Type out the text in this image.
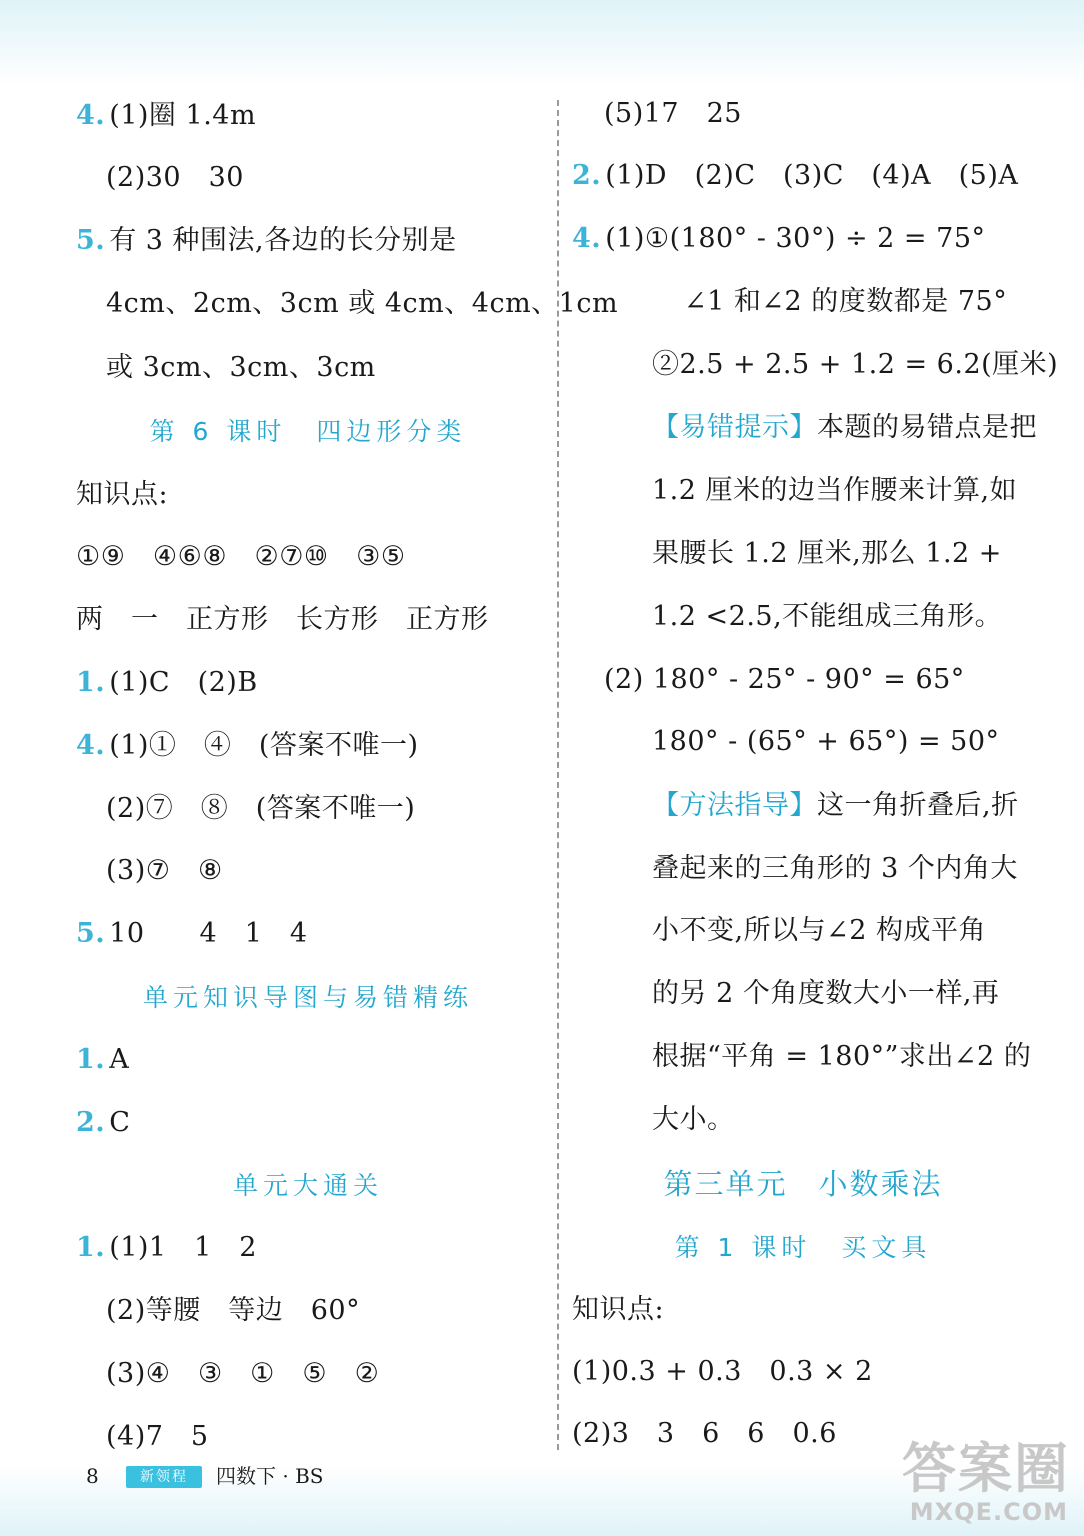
4. (1)圈 1.4m
(2)30　30
5. 有 3 种围法,各边的长分别是
4cm、2cm、3cm 或 4cm、4cm、1cm
或 3cm、3cm、3cm
第 6 课时　四边形分类
知识点:
①⑨　④⑥⑧　②⑦⑩　③⑤
两　一　正方形　长方形　正方形
1. (1)C　(2)B
4. (1)①　④　(答案不唯一)
(2)⑦　⑧　(答案不唯一)
(3)⑦　⑧
5. 10　　4　1　4
单元知识导图与易错精练
1. A
2. C
单元大通关
1. (1)1　1　2
(2)等腰　等边　60°
(3)④　③　①　⑤　②
(4)7　5
(5)17　25
2. (1)D　(2)C　(3)C　(4)A　(5)A
4. (1)①(180° - 30°) ÷ 2 = 75°
∠1 和∠2 的度数都是 75°
②2.5 + 2.5 + 1.2 = 6.2(厘米)
【易错提示】本题的易错点是把
1.2 厘米的边当作腰来计算,如
果腰长 1.2 厘米,那么 1.2 +
1.2 <2.5,不能组成三角形。
(2) 180° - 25° - 90° = 65°
180° - (65° + 65°) = 50°
【方法指导】这一角折叠后,折
叠起来的三角形的 3 个内角大
小不变,所以与∠2 构成平角
的另 2 个角度数大小一样,再
根据“平角 = 180°”求出∠2 的
大小。
第三单元　小数乘法
第 1 课时　买文具
知识点:
(1)0.3 + 0.3　0.3 × 2
(2)3　3　6　6　0.6
8	新领程	四数下 · BS	答案圈
MXQE.COM
